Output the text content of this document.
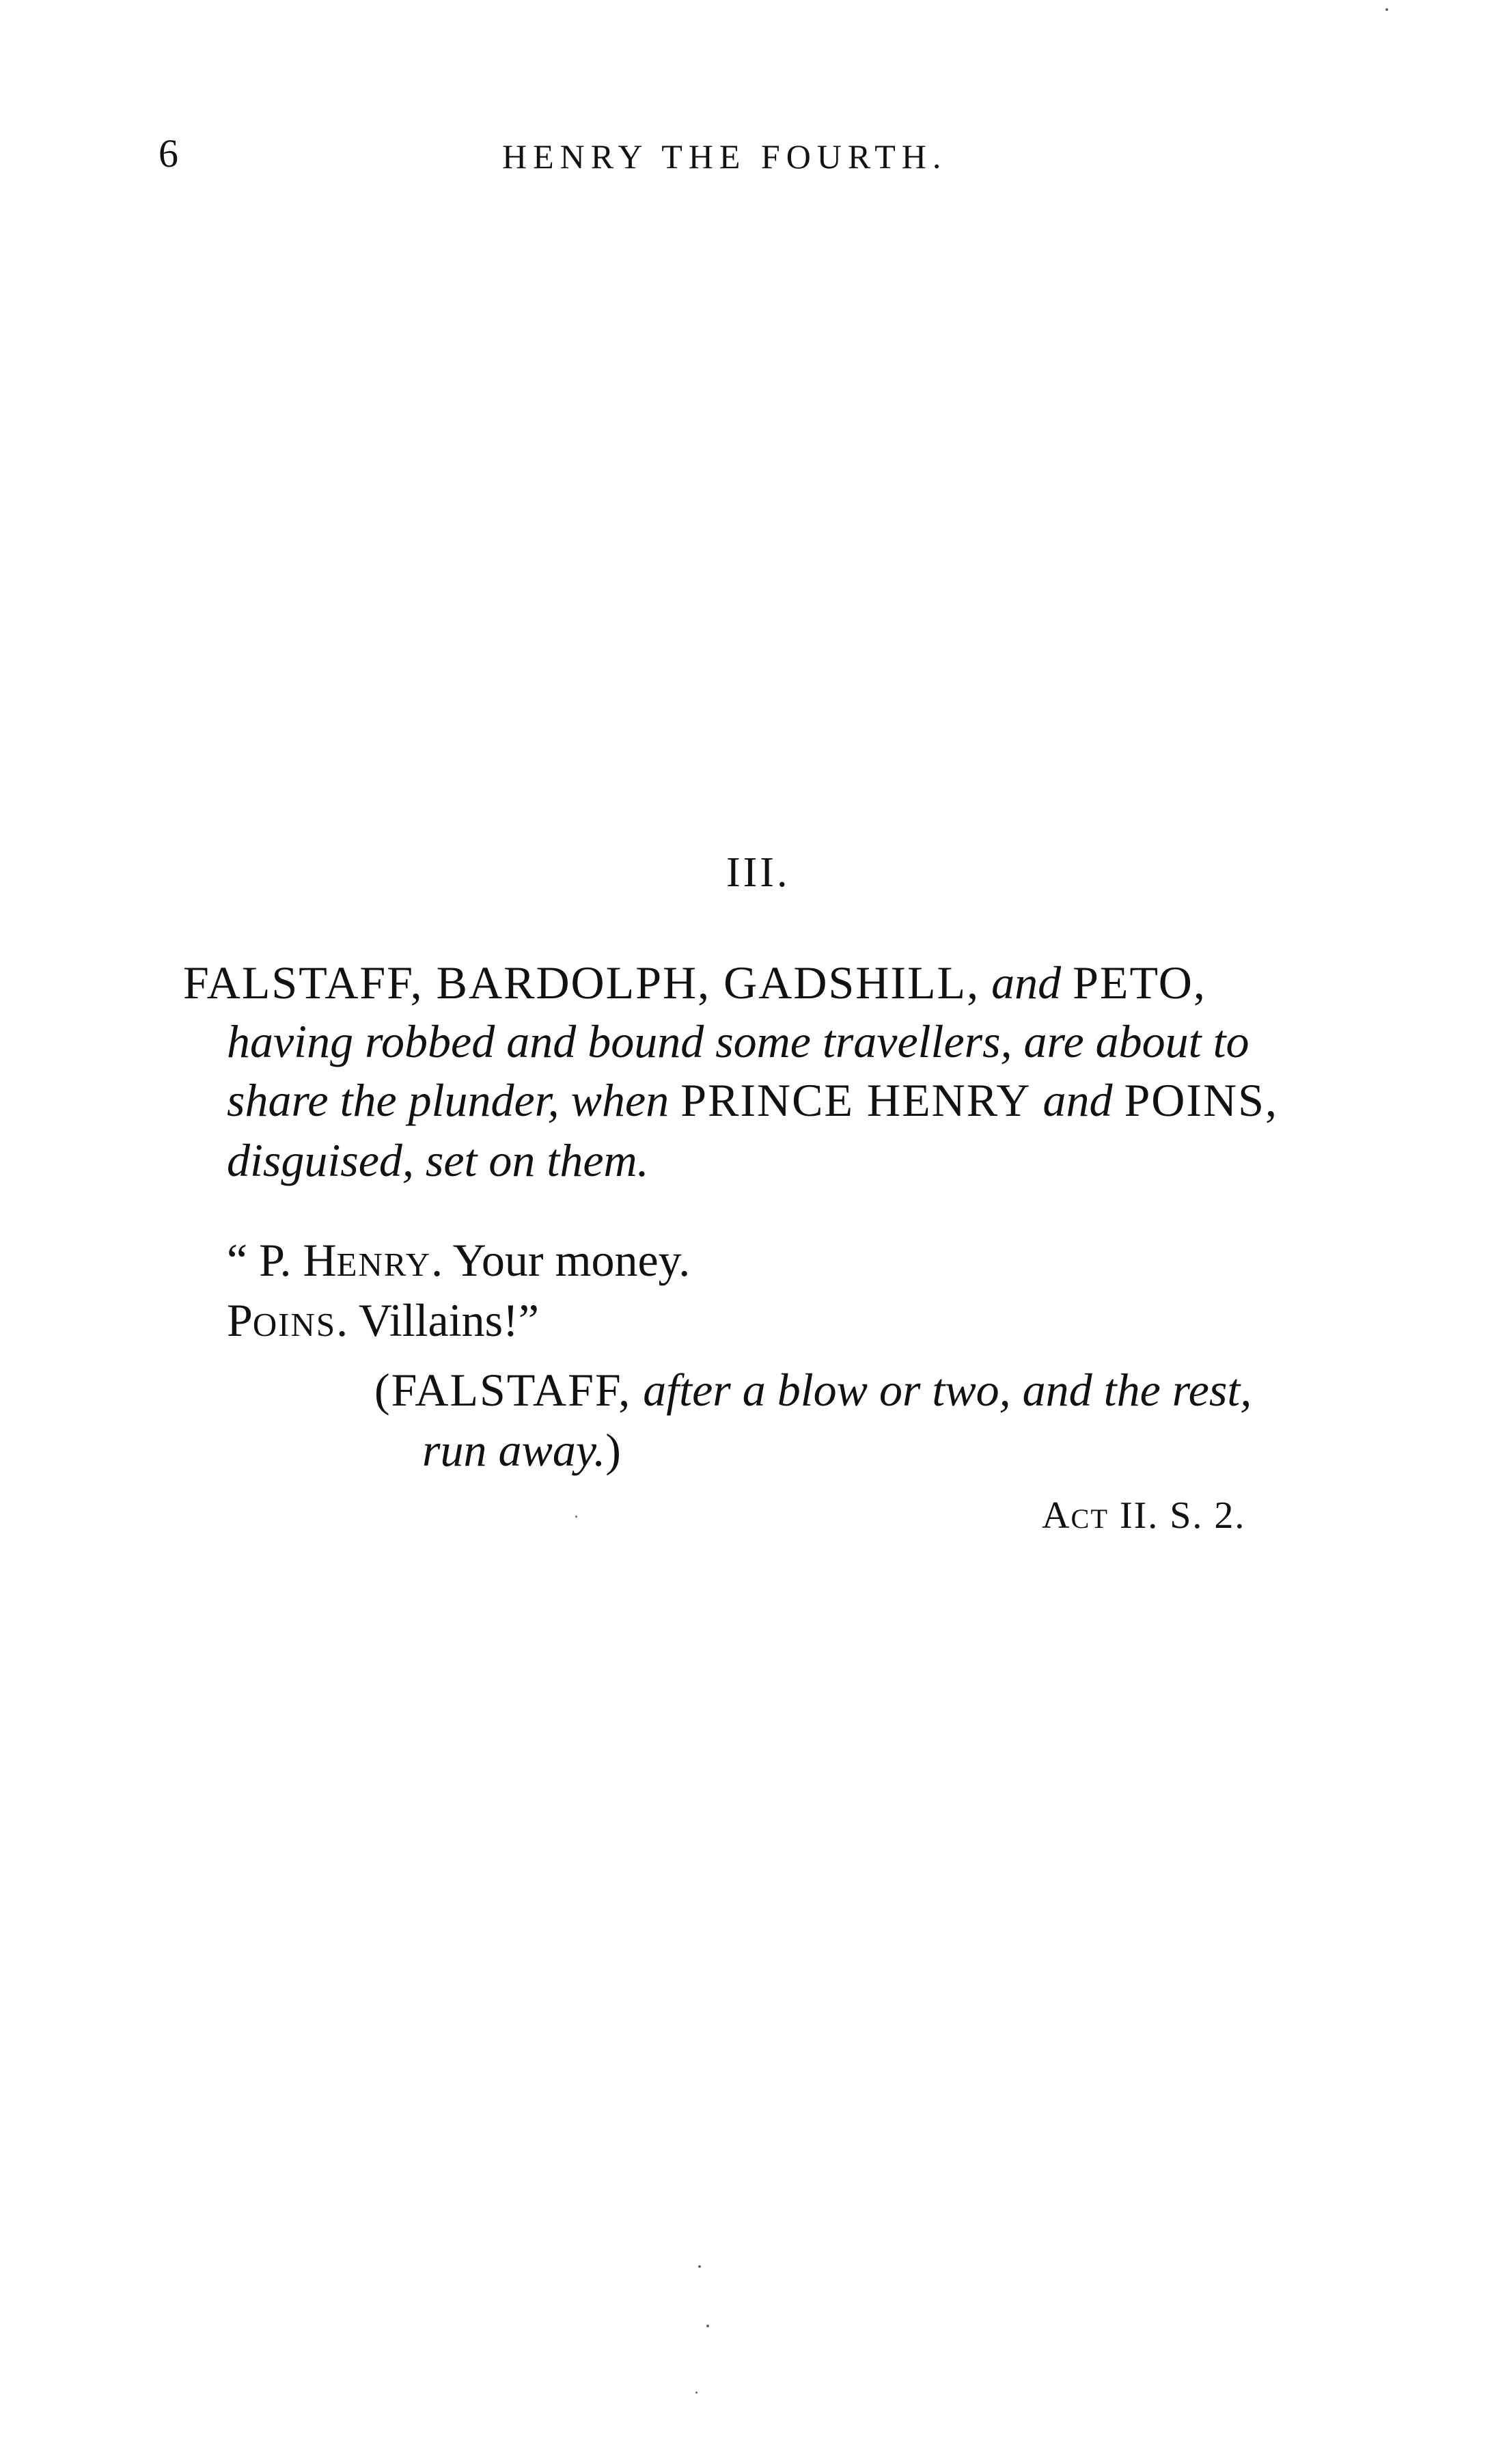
6	HENRY THE FOURTH.
III.
FALSTAFF, BARDOLPH, GADSHILL, and PETO,
having robbed and bound some travellers, are about to
share the plunder, when PRINCE HENRY and POINS,
disguised, set on them.
“ P. HENRY. Your money.
POINS. Villains!”
(FALSTAFF, after a blow or two, and the rest,
run away.)
ACT II. S. 2.
